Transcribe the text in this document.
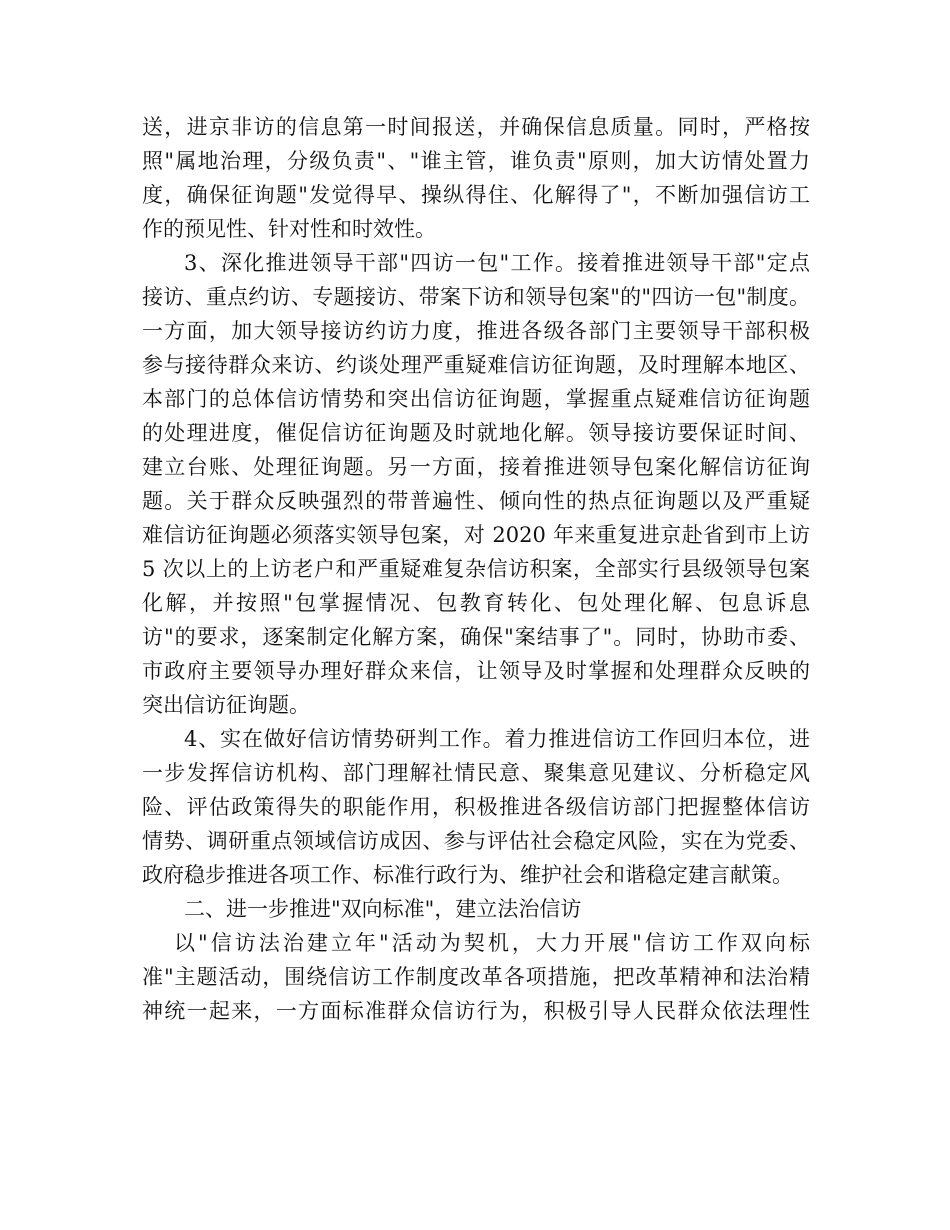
送，进京非访的信息第一时间报送，并确保信息质量。同时，严格按
照"属地治理，分级负责"、"谁主管，谁负责"原则，加大访情处置力
度，确保征询题"发觉得早、操纵得住、化解得了"，不断加强信访工
作的预见性、针对性和时效性。
3、深化推进领导干部"四访一包"工作。接着推进领导干部"定点
接访、重点约访、专题接访、带案下访和领导包案"的"四访一包"制度。
一方面，加大领导接访约访力度，推进各级各部门主要领导干部积极
参与接待群众来访、约谈处理严重疑难信访征询题，及时理解本地区、
本部门的总体信访情势和突出信访征询题，掌握重点疑难信访征询题
的处理进度，催促信访征询题及时就地化解。领导接访要保证时间、
建立台账、处理征询题。另一方面，接着推进领导包案化解信访征询
题。关于群众反映强烈的带普遍性、倾向性的热点征询题以及严重疑
难信访征询题必须落实领导包案，对 2020 年来重复进京赴省到市上访
5 次以上的上访老户和严重疑难复杂信访积案，全部实行县级领导包案
化解，并按照"包掌握情况、包教育转化、包处理化解、包息诉息
访"的要求，逐案制定化解方案，确保"案结事了"。同时，协助市委、
市政府主要领导办理好群众来信，让领导及时掌握和处理群众反映的
突出信访征询题。
4、实在做好信访情势研判工作。着力推进信访工作回归本位，进
一步发挥信访机构、部门理解社情民意、聚集意见建议、分析稳定风
险、评估政策得失的职能作用，积极推进各级信访部门把握整体信访
情势、调研重点领域信访成因、参与评估社会稳定风险，实在为党委、
政府稳步推进各项工作、标准行政行为、维护社会和谐稳定建言献策。
二、进一步推进"双向标准"，建立法治信访
以"信访法治建立年"活动为契机，大力开展"信访工作双向标
准"主题活动，围绕信访工作制度改革各项措施，把改革精神和法治精
神统一起来，一方面标准群众信访行为，积极引导人民群众依法理性
